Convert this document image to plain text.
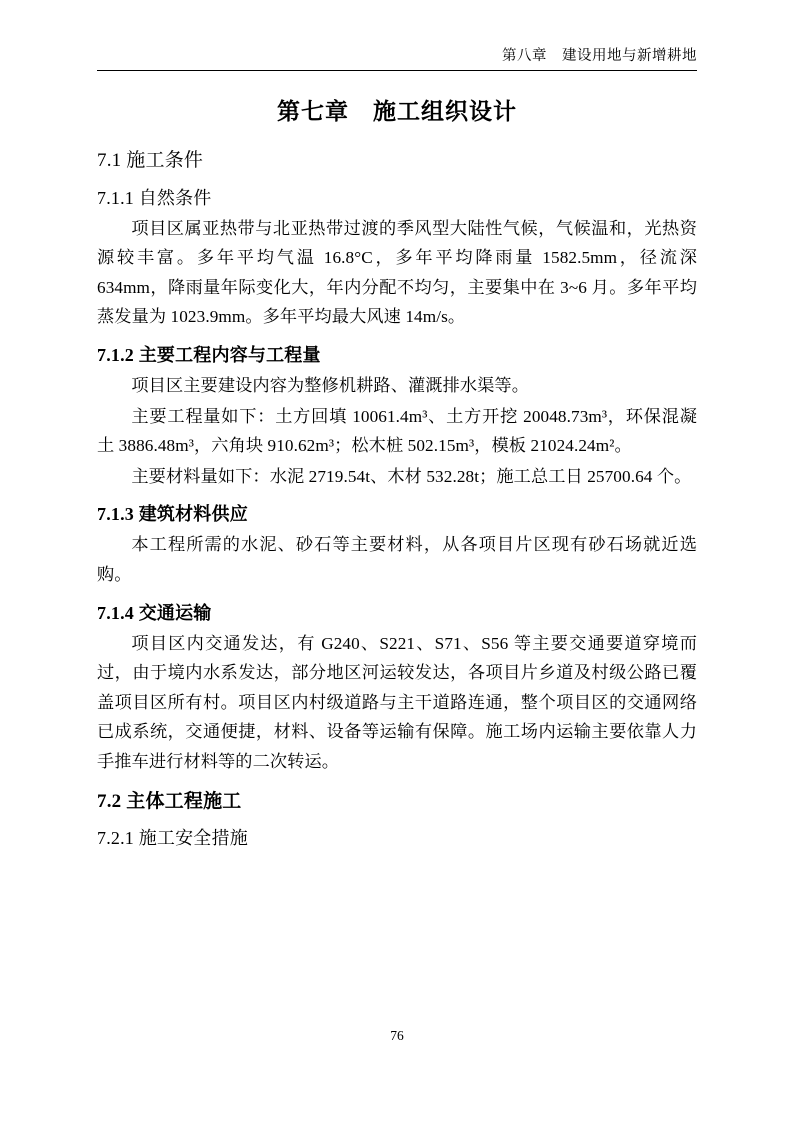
第八章　建设用地与新增耕地
第七章　施工组织设计
7.1 施工条件
7.1.1 自然条件

项目区属亚热带与北亚热带过渡的季风型大陆性气候，气候温和，光热资源较丰富。多年平均气温 16.8°C，多年平均降雨量 1582.5mm，径流深 634mm，降雨量年际变化大，年内分配不均匀，主要集中在 3~6 月。多年平均蒸发量为 1023.9mm。多年平均最大风速 14m/s。

7.1.2 主要工程内容与工程量

项目区主要建设内容为整修机耕路、灌溉排水渠等。

主要工程量如下：土方回填 10061.4m³、土方开挖 20048.73m³，环保混凝土 3886.48m³，六角块 910.62m³；松木桩 502.15m³，模板 21024.24m²。

主要材料量如下：水泥 2719.54t、木材 532.28t；施工总工日 25700.64 个。

7.1.3 建筑材料供应

本工程所需的水泥、砂石等主要材料，从各项目片区现有砂石场就近选购。

7.1.4 交通运输

项目区内交通发达，有 G240、S221、S71、S56 等主要交通要道穿境而过，由于境内水系发达，部分地区河运较发达，各项目片乡道及村级公路已覆盖项目区所有村。项目区内村级道路与主干道路连通，整个项目区的交通网络已成系统，交通便捷，材料、设备等运输有保障。施工场内运输主要依靠人力手推车进行材料等的二次转运。

7.2 主体工程施工
7.2.1 施工安全措施
76
